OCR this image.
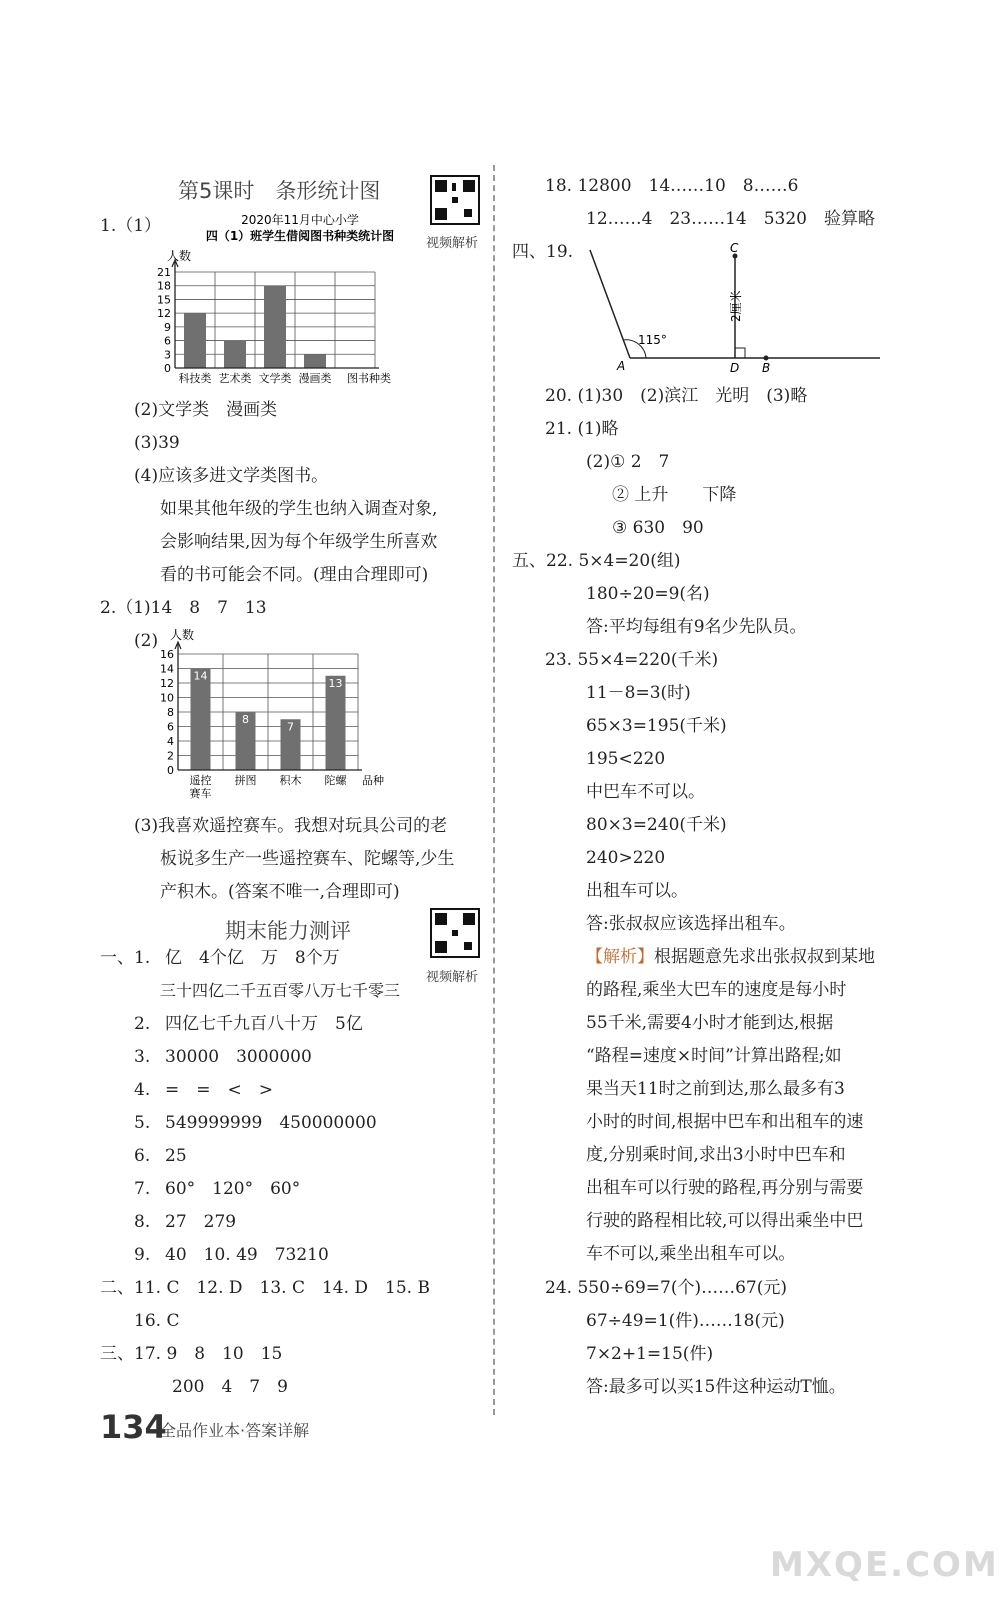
第5课时　条形统计图
视频解析
1.（1）	2020年11月中心小学
四（1）班学生借阅图书种类统计图
人数
0
3
6
9
12
15
18
21
科技类 艺术类 文学类 漫画类 图书种类
(2)文学类　漫画类
(3)39
(4)应该多进文学类图书。
如果其他年级的学生也纳入调查对象,
会影响结果,因为每个年级学生所喜欢
看的书可能会不同。(理由合理即可)
2.（1)14　8　7　13
(2) 人数
0
2
4
6
8
10
12
14
16
14
遥控
赛车
8
拼图
7
积木
13
陀螺 品种
(3)我喜欢遥控赛车。我想对玩具公司的老
板说多生产一些遥控赛车、陀螺等,少生
产积木。(答案不唯一,合理即可)
期末能力测评
视频解析
一、1. 亿　4个亿　万　8个万
三十四亿二千五百零八万七千零三
2. 四亿七千九百八十万　5亿
3. 30000　3000000
4. =　=　<　>
5. 549999999　450000000
6. 25
7. 60°　120°　60°
8. 27　279
9. 40　10. 49　73210
二、11. C　12. D　13. C　14. D　15. B
16. C
三、17. 9　8　10　15
200　4　7　9
18. 12800　14……10　8……6
12……4　23……14　5320　验算略
四、19.
115°
2厘米
A	B
C
D
20. (1)30　(2)滨江　光明　(3)略
21. (1)略
(2)① 2　7
② 上升　　下降
③ 630　90
五、22. 5×4=20(组)
180÷20=9(名)
答:平均每组有9名少先队员。
23. 55×4=220(千米)
11－8=3(时)
65×3=195(千米)
195<220
中巴车不可以。
80×3=240(千米)
240>220
出租车可以。
答:张叔叔应该选择出租车。
【解析】根据题意先求出张叔叔到某地
的路程,乘坐大巴车的速度是每小时
55千米,需要4小时才能到达,根据
“路程=速度×时间”计算出路程;如
果当天11时之前到达,那么最多有3
小时的时间,根据中巴车和出租车的速
度,分别乘时间,求出3小时中巴车和
出租车可以行驶的路程,再分别与需要
行驶的路程相比较,可以得出乘坐中巴
车不可以,乘坐出租车可以。
24. 550÷69=7(个)……67(元)
67÷49=1(件)……18(元)
7×2+1=15(件)
答:最多可以买15件这种运动T恤。
134
全品作业本·答案详解
MXQE.COM
